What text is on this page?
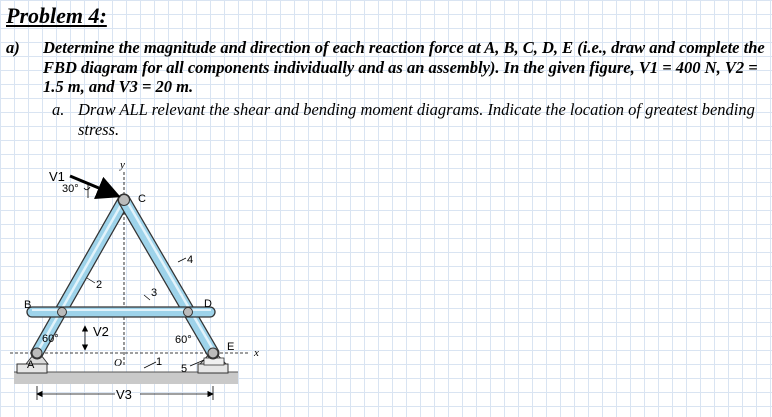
Problem 4:
a) Determine the magnitude and direction of each reaction force at A, B, C, D, E (i.e., draw and complete the FBD diagram for all components individually and as an assembly). In the given figure, V1 = 400 N, V2 = 1.5 m, and V3 = 20 m.
a. Draw ALL relevant the shear and bending moment diagrams. Indicate the location of greatest bending stress.
V1
30°
y
x
C
B	D
A
E
O
2
3
4
5
1
60°	60°
V2
V3
